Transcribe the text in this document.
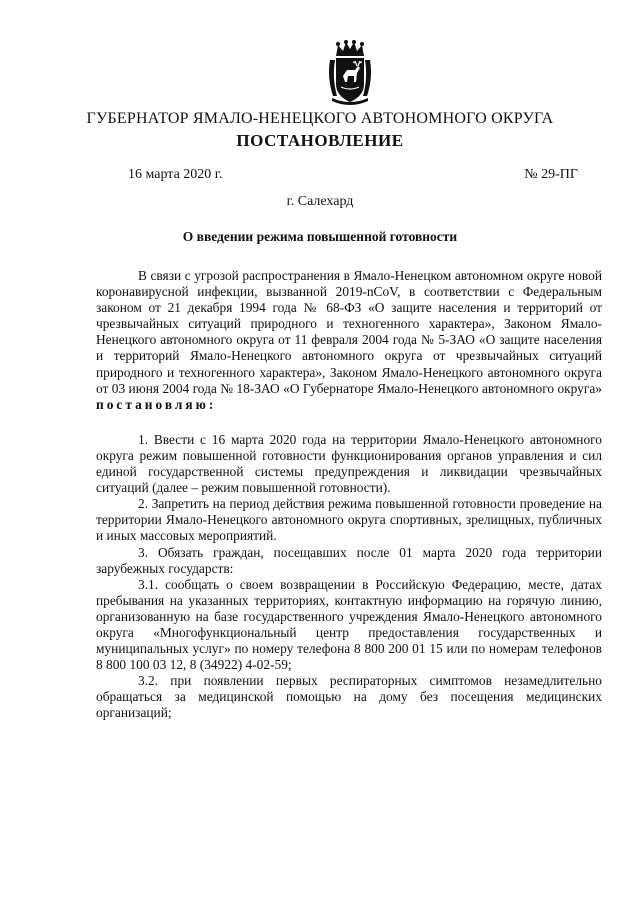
ГУБЕРНАТОР ЯМАЛО-НЕНЕЦКОГО АВТОНОМНОГО ОКРУГА
ПОСТАНОВЛЕНИЕ
16 марта 2020 г.	№ 29-ПГ
г. Салехард
О введении режима повышенной готовности

В связи с угрозой распространения в Ямало-Ненецком автономном округе новой коронавирусной инфекции, вызванной 2019-nCoV, в соответствии с Федеральным законом от 21 декабря 1994 года № 68-ФЗ «О защите населения и территорий от чрезвычайных ситуаций природного и техногенного характера», Законом Ямало-Ненецкого автономного округа от 11 февраля 2004 года № 5-ЗАО «О защите населения и территорий Ямало-Ненецкого автономного округа от чрезвычайных ситуаций природного и техногенного характера», Законом Ямало-Ненецкого автономного округа от 03 июня 2004 года № 18-ЗАО «О Губернаторе Ямало-Ненецкого автономного округа» постановляю:

1. Ввести с 16 марта 2020 года на территории Ямало-Ненецкого автономного округа режим повышенной готовности функционирования органов управления и сил единой государственной системы предупреждения и ликвидации чрезвычайных ситуаций (далее – режим повышенной готовности).

2. Запретить на период действия режима повышенной готовности проведение на территории Ямало-Ненецкого автономного округа спортивных, зрелищных, публичных и иных массовых мероприятий.

3. Обязать граждан, посещавших после 01 марта 2020 года территории зарубежных государств:

3.1. сообщать о своем возвращении в Российскую Федерацию, месте, датах пребывания на указанных территориях, контактную информацию на горячую линию, организованную на базе государственного учреждения Ямало-Ненецкого автономного округа «Многофункциональный центр предоставления государственных и муниципальных услуг» по номеру телефона 8 800 200 01 15 или по номерам телефонов 8 800 100 03 12, 8 (34922) 4-02-59;

3.2. при появлении первых респираторных симптомов незамедлительно обращаться за медицинской помощью на дому без посещения медицинских организаций;
